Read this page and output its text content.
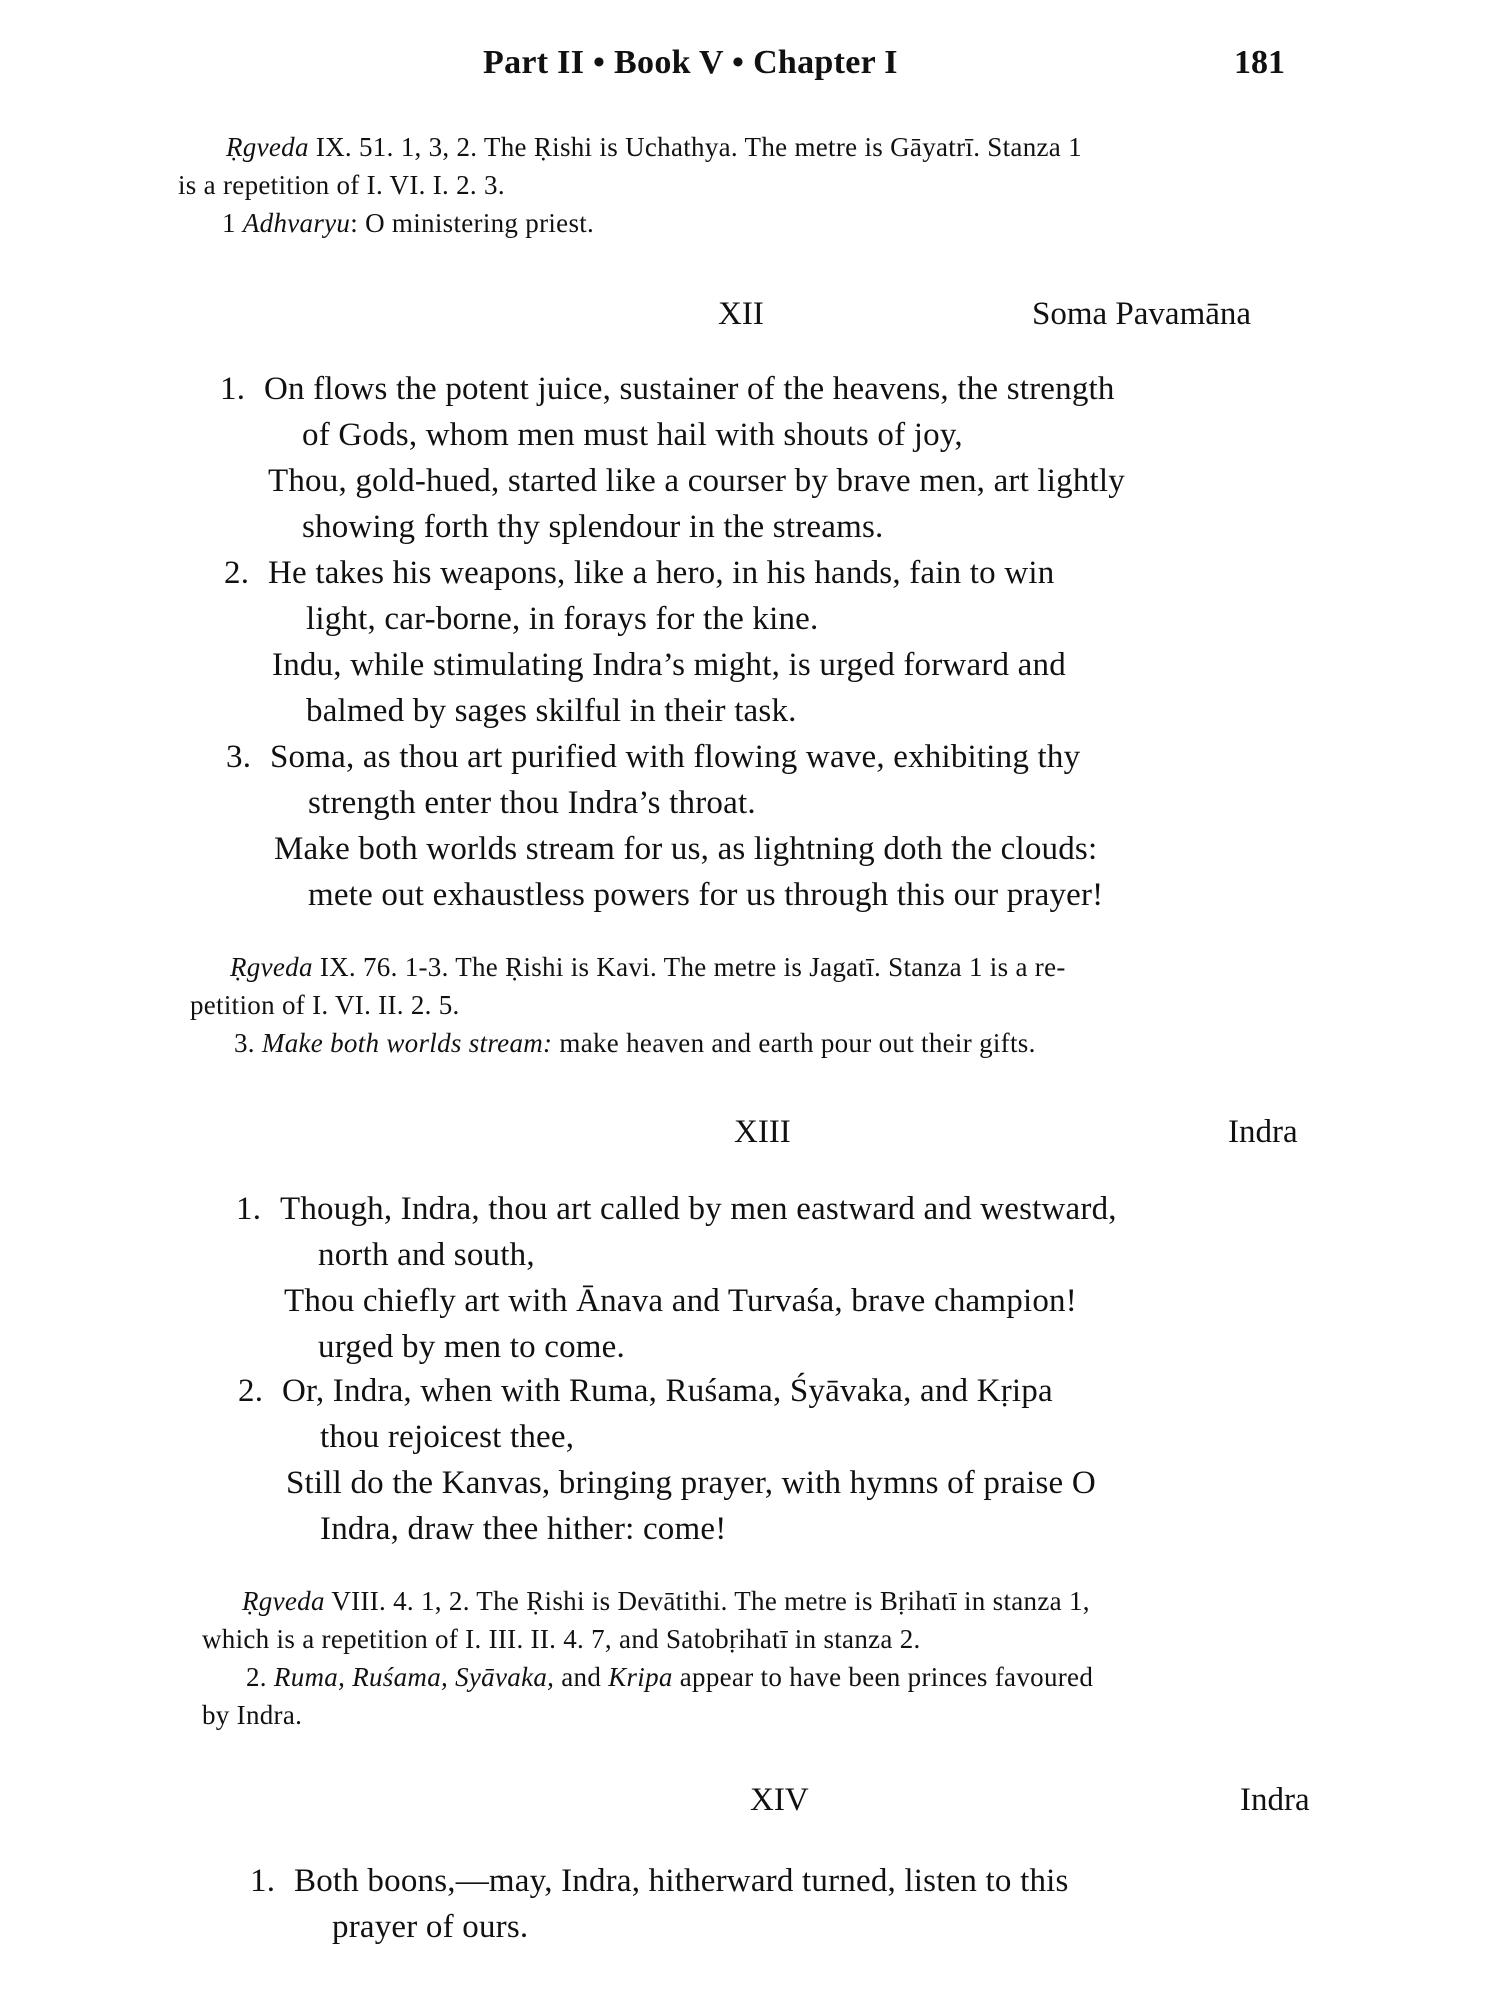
Part II • Book V • Chapter I	181

Ṛgveda IX. 51. 1, 3, 2. The Ṛishi is Uchathya. The metre is Gāyatrī. Stanza 1

is a repetition of I. VI. I. 2. 3.

1 Adhvaryu: O ministering priest.

XII	Soma Pavamāna
1. On flows the potent juice, sustainer of the heavens, the strength
of Gods, whom men must hail with shouts of joy,
Thou, gold-hued, started like a courser by brave men, art lightly
showing forth thy splendour in the streams.
2. He takes his weapons, like a hero, in his hands, fain to win
light, car-borne, in forays for the kine.
Indu, while stimulating Indra’s might, is urged forward and
balmed by sages skilful in their task.
3. Soma, as thou art purified with flowing wave, exhibiting thy
strength enter thou Indra’s throat.
Make both worlds stream for us, as lightning doth the clouds:
mete out exhaustless powers for us through this our prayer!

Ṛgveda IX. 76. 1-3. The Ṛishi is Kavi. The metre is Jagatī. Stanza 1 is a re-

petition of I. VI. II. 2. 5.

3. Make both worlds stream: make heaven and earth pour out their gifts.

XIII	Indra
1. Though, Indra, thou art called by men eastward and westward,
north and south,
Thou chiefly art with Ānava and Turvaśa, brave champion!
urged by men to come.
2. Or, Indra, when with Ruma, Ruśama, Śyāvaka, and Kṛipa
thou rejoicest thee,
Still do the Kanvas, bringing prayer, with hymns of praise O
Indra, draw thee hither: come!

Ṛgveda VIII. 4. 1, 2. The Ṛishi is Devātithi. The metre is Bṛihatī in stanza 1,

which is a repetition of I. III. II. 4. 7, and Satobṛihatī in stanza 2.

2. Ruma, Ruśama, Syāvaka, and Kripa appear to have been princes favoured

by Indra.

XIV	Indra
1. Both boons,—may, Indra, hitherward turned, listen to this
prayer of ours.
